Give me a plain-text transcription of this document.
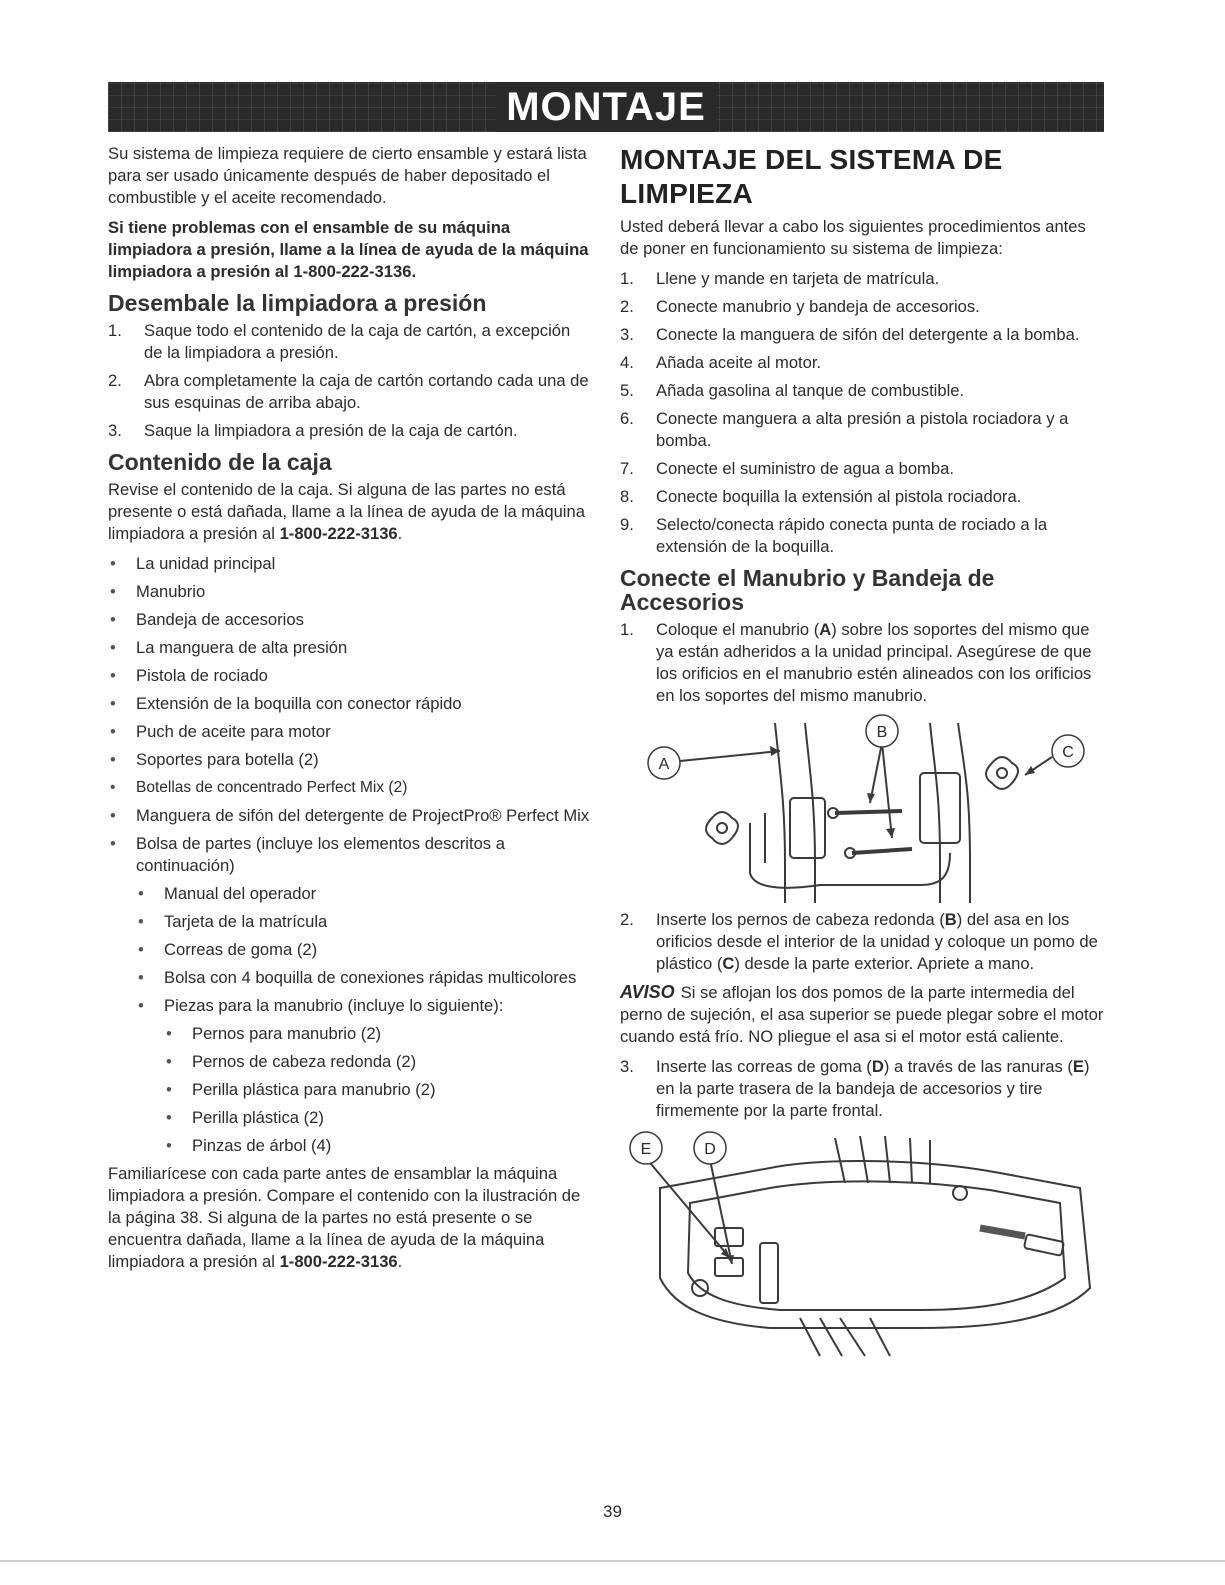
MONTAJE

Su sistema de limpieza requiere de cierto ensamble y estará lista para ser usado únicamente después de haber depositado el combustible y el aceite recomendado.

Si tiene problemas con el ensamble de su máquina limpiadora a presión, llame a la línea de ayuda de la máquina limpiadora a presión al 1-800-222-3136.

Desembale la limpiadora a presión
1. Saque todo el contenido de la caja de cartón, a excepción de la limpiadora a presión.
2. Abra completamente la caja de cartón cortando cada una de sus esquinas de arriba abajo.
3. Saque la limpiadora a presión de la caja de cartón.
Contenido de la caja

Revise el contenido de la caja. Si alguna de las partes no está presente o está dañada, llame a la línea de ayuda de la máquina limpiadora a presión al 1-800-222-3136.

• La unidad principal
• Manubrio
• Bandeja de accesorios
• La manguera de alta presión
• Pistola de rociado
• Extensión de la boquilla con conector rápido
• Puch de aceite para motor
• Soportes para botella (2)
• Botellas de concentrado Perfect Mix (2)
• Manguera de sifón del detergente de ProjectPro® Perfect Mix
• Bolsa de partes (incluye los elementos descritos a continuación)
• Manual del operador
• Tarjeta de la matrícula
• Correas de goma (2)
• Bolsa con 4 boquilla de conexiones rápidas multicolores
• Piezas para la manubrio (incluye lo siguiente):
• Pernos para manubrio (2)
• Pernos de cabeza redonda (2)
• Perilla plástica para manubrio (2)
• Perilla plástica (2)
• Pinzas de árbol (4)

Familiarícese con cada parte antes de ensamblar la máquina limpiadora a presión. Compare el contenido con la ilustración de la página 38. Si alguna de la partes no está presente o se encuentra dañada, llame a la línea de ayuda de la máquina limpiadora a presión al 1-800-222-3136.

MONTAJE DEL SISTEMA DE LIMPIEZA

Usted deberá llevar a cabo los siguientes procedimientos antes de poner en funcionamiento su sistema de limpieza:

1. Llene y mande en tarjeta de matrícula.
2. Conecte manubrio y bandeja de accesorios.
3. Conecte la manguera de sifón del detergente a la bomba.
4. Añada aceite al motor.
5. Añada gasolina al tanque de combustible.
6. Conecte manguera a alta presión a pistola rociadora y a bomba.
7. Conecte el suministro de agua a bomba.
8. Conecte boquilla la extensión al pistola rociadora.
9. Selecto/conecta rápido conecta punta de rociado a la extensión de la boquilla.
Conecte el Manubrio y Bandeja de Accesorios
1. Coloque el manubrio (A) sobre los soportes del mismo que ya están adheridos a la unidad principal. Asegúrese de que los orificios en el manubrio estén alineados con los orificios en los soportes del mismo manubrio.
A
B
C
2. Inserte los pernos de cabeza redonda (B) del asa en los orificios desde el interior de la unidad y coloque un pomo de plástico (C) desde la parte exterior. Apriete a mano.

AVISO Si se aflojan los dos pomos de la parte intermedia del perno de sujeción, el asa superior se puede plegar sobre el motor cuando está frío. NO pliegue el asa si el motor está caliente.

3. Inserte las correas de goma (D) a través de las ranuras (E) en la parte trasera de la bandeja de accesorios y tire firmemente por la parte frontal.
E	D
39
